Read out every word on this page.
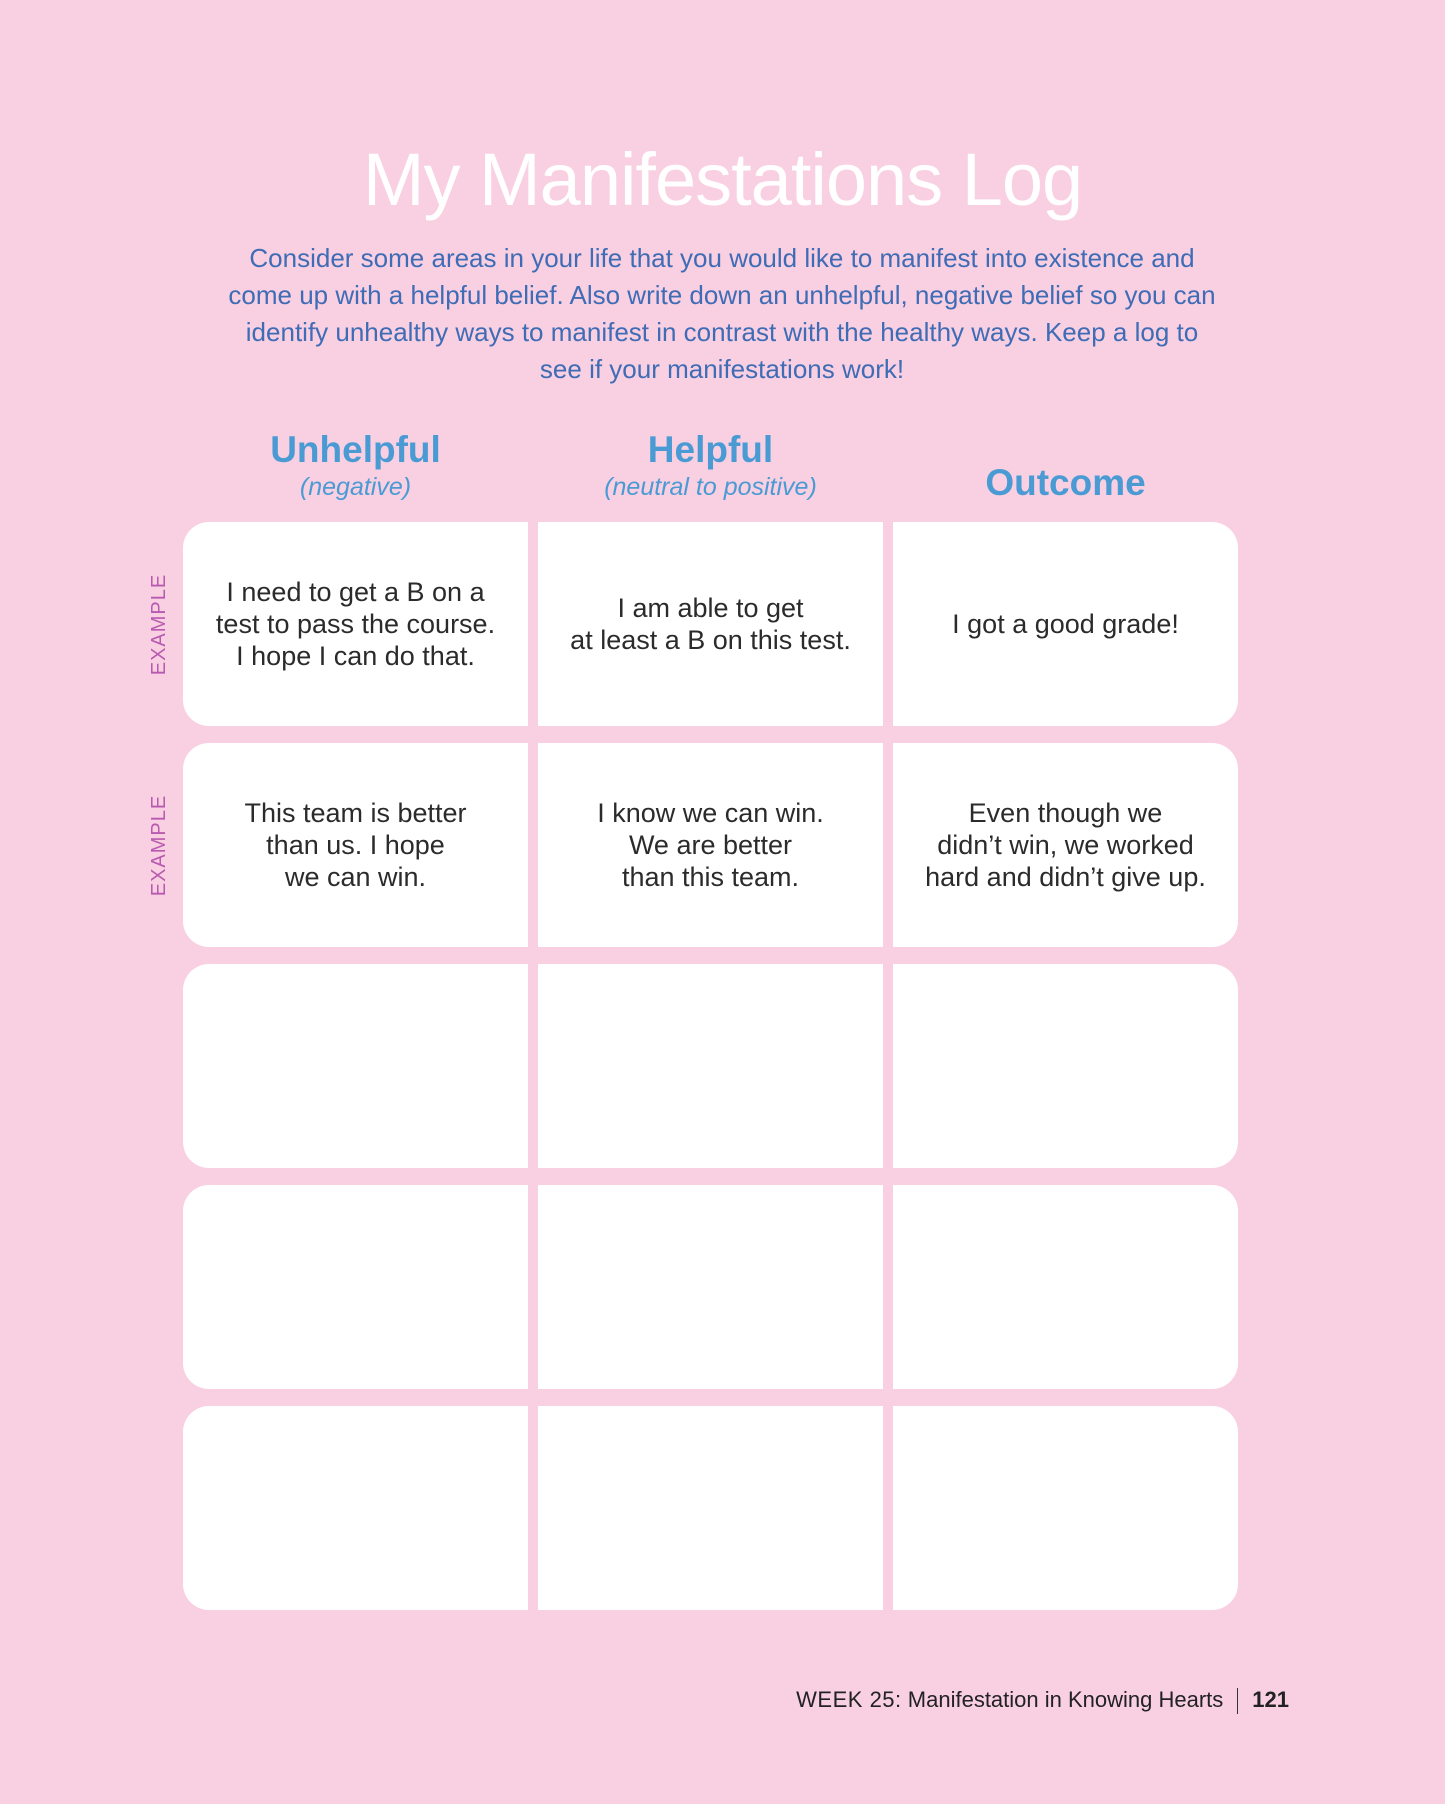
My Manifestations Log
Consider some areas in your life that you would like to manifest into existence and come up with a helpful belief. Also write down an unhelpful, negative belief so you can identify unhealthy ways to manifest in contrast with the healthy ways. Keep a log to see if your manifestations work!
Unhelpful
(negative)
Helpful
(neutral to positive)	Outcome
EXAMPLE
EXAMPLE
I need to get a B on a
test to pass the course.
I hope I can do that.
I am able to get
at least a B on this test.
I got a good grade!
This team is better
than us. I hope
we can win.
I know we can win.
We are better
than this team.
Even though we
didn’t win, we worked
hard and didn’t give up.
WEEK 25: Manifestation in Knowing Hearts 121
